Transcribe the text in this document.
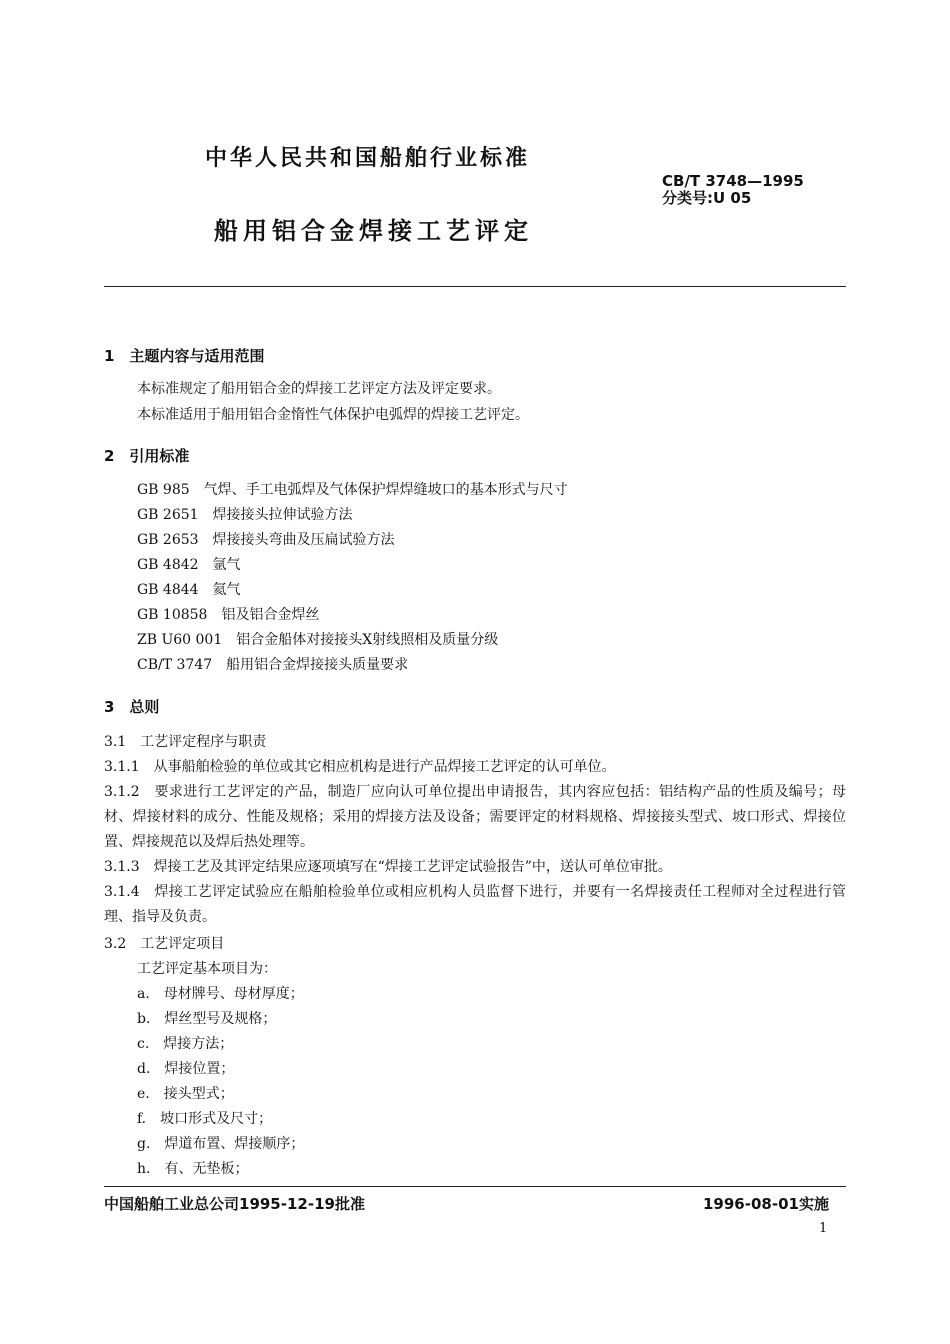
中华人民共和国船舶行业标准
CB/T 3748—1995
分类号:U 05
船用铝合金焊接工艺评定
1　主题内容与适用范围
本标准规定了船用铝合金的焊接工艺评定方法及评定要求。
本标准适用于船用铝合金惰性气体保护电弧焊的焊接工艺评定。
2　引用标准
GB 985　气焊、手工电弧焊及气体保护焊焊缝坡口的基本形式与尺寸
GB 2651　焊接接头拉伸试验方法
GB 2653　焊接接头弯曲及压扁试验方法
GB 4842　氩气
GB 4844　氦气
GB 10858　铝及铝合金焊丝
ZB U60 001　铝合金船体对接接头X射线照相及质量分级
CB/T 3747　船用铝合金焊接接头质量要求
3　总则
3.1　工艺评定程序与职责
3.1.1　从事船舶检验的单位或其它相应机构是进行产品焊接工艺评定的认可单位。
3.1.2　要求进行工艺评定的产品，制造厂应向认可单位提出申请报告，其内容应包括：铝结构产品的性质及编号；母材、焊接材料的成分、性能及规格；采用的焊接方法及设备；需要评定的材料规格、焊接接头型式、坡口形式、焊接位置、焊接规范以及焊后热处理等。
3.1.3　焊接工艺及其评定结果应逐项填写在“焊接工艺评定试验报告”中，送认可单位审批。
3.1.4　焊接工艺评定试验应在船舶检验单位或相应机构人员监督下进行，并要有一名焊接责任工程师对全过程进行管理、指导及负责。
3.2　工艺评定项目
工艺评定基本项目为：
a.　母材牌号、母材厚度；
b.　焊丝型号及规格；
c.　焊接方法；
d.　焊接位置；
e.　接头型式；
f.　坡口形式及尺寸；
g.　焊道布置、焊接顺序；
h.　有、无垫板；
中国船舶工业总公司1995-12-19批准	1996-08-01实施
1
